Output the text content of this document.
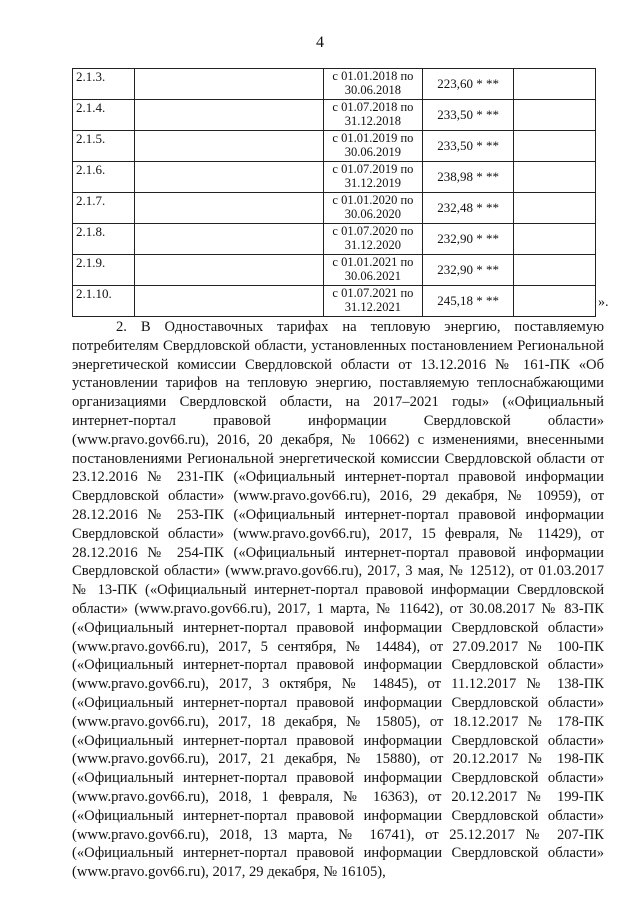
4
2.1.3.		с 01.01.2018 по
30.06.2018	223,60 * **	
2.1.4.		с 01.07.2018 по
31.12.2018	233,50 * **	
2.1.5.		с 01.01.2019 по
30.06.2019	233,50 * **	
2.1.6.		с 01.07.2019 по
31.12.2019	238,98 * **	
2.1.7.		с 01.01.2020 по
30.06.2020	232,48 * **	
2.1.8.		с 01.07.2020 по
31.12.2020	232,90 * **	
2.1.9.		с 01.01.2021 по
30.06.2021	232,90 * **	
2.1.10.		с 01.07.2021 по
31.12.2021	245,18 * **		».

2. В Одноставочных тарифах на тепловую энергию, поставляемую потребителям Свердловской области, установленных постановлением Региональной энергетической комиссии Свердловской области от 13.12.2016 № 161-ПК «Об установлении тарифов на тепловую энергию, поставляемую теплоснабжающими организациями Свердловской области, на 2017–2021 годы» («Официальный интернет-портал правовой информации Свердловской области» (www.pravo.gov66.ru), 2016, 20 декабря, № 10662) с изменениями, внесенными постановлениями Региональной энергетической комиссии Свердловской области от 23.12.2016 № 231-ПК («Официальный интернет-портал правовой информации Свердловской области» (www.pravo.gov66.ru), 2016, 29 декабря, № 10959), от 28.12.2016 № 253-ПК («Официальный интернет-портал правовой информации Свердловской области» (www.pravo.gov66.ru), 2017, 15 февраля, № 11429), от 28.12.2016 № 254-ПК («Официальный интернет-портал правовой информации Свердловской области» (www.pravo.gov66.ru), 2017, 3 мая, № 12512), от 01.03.2017 № 13-ПК («Официальный интернет-портал правовой информации Свердловской области» (www.pravo.gov66.ru), 2017, 1 марта, № 11642), от 30.08.2017 № 83-ПК («Официальный интернет-портал правовой информации Свердловской области» (www.pravo.gov66.ru), 2017, 5 сентября, № 14484), от 27.09.2017 № 100-ПК («Официальный интернет-портал правовой информации Свердловской области» (www.pravo.gov66.ru), 2017, 3 октября, № 14845), от 11.12.2017 № 138-ПК («Официальный интернет-портал правовой информации Свердловской области» (www.pravo.gov66.ru), 2017, 18 декабря, № 15805), от 18.12.2017 № 178-ПК («Официальный интернет-портал правовой информации Свердловской области» (www.pravo.gov66.ru), 2017, 21 декабря, № 15880), от 20.12.2017 № 198-ПК («Официальный интернет-портал правовой информации Свердловской области» (www.pravo.gov66.ru), 2018, 1 февраля, № 16363), от 20.12.2017 № 199-ПК («Официальный интернет-портал правовой информации Свердловской области» (www.pravo.gov66.ru), 2018, 13 марта, № 16741), от 25.12.2017 № 207-ПК («Официальный интернет-портал правовой информации Свердловской области» (www.pravo.gov66.ru), 2017, 29 декабря, № 16105),
